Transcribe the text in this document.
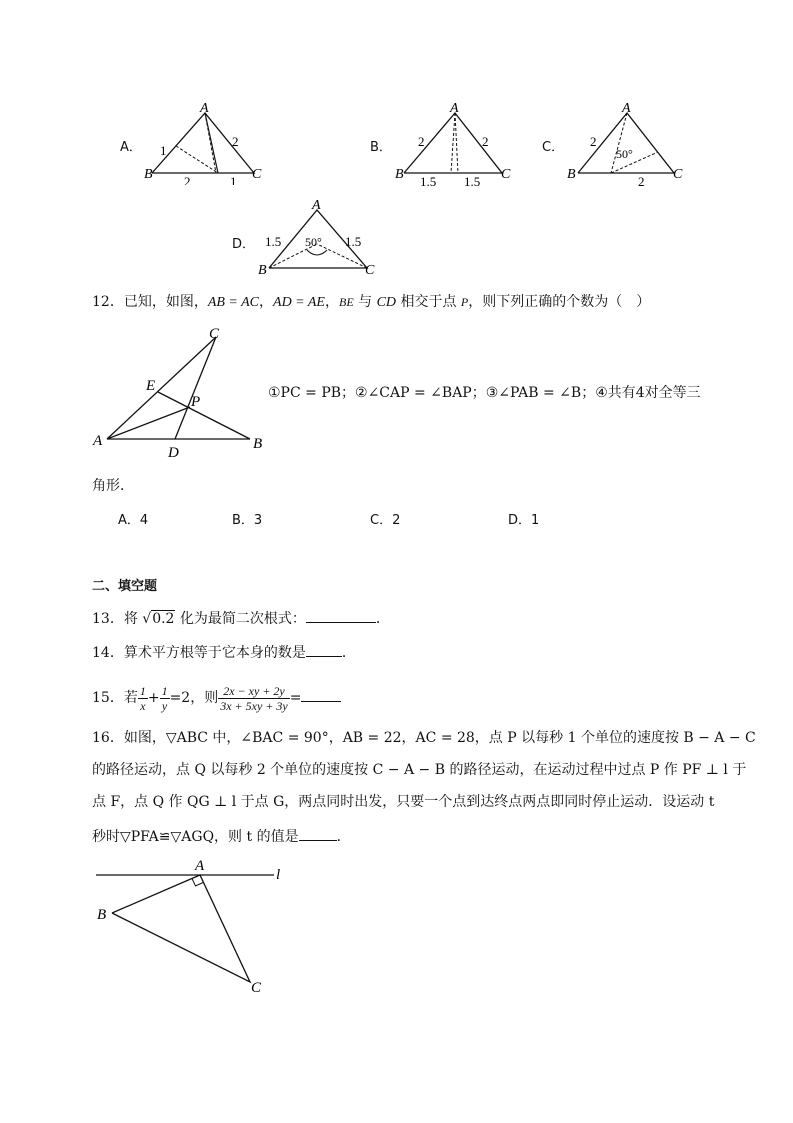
A．
A
B	C
1
2
2	1
B．
A
B	C
2	2
1.5 1.5
C．
A
B	C
2
50°
2
D．
A
B	C
1.5	1.5
50°
12．已知，如图，AB = AC，AD = AE，BE 与 CD 相交于点 P，则下列正确的个数为（　）
A	B
C
D
E
P
①PC = PB；②∠CAP = ∠BAP；③∠PAB = ∠B；④共有4对全等三
角形．
A．4	B．3	C．2	D．1
二、填空题
13．将 √0.2 化为最简二次根式：	．
14．算术平方根等于它本身的数是	．
15．若 $\frac{1}{x} + \frac{1}{y} =2$，则 $\frac{2x - xy + 2y}{3x + 5xy + 3y}$ =
16．如图，▽ABC 中，∠BAC = 90°，AB = 22，AC = 28，点 P 以每秒 1 个单位的速度按 B − A − C
的路径运动，点 Q 以每秒 2 个单位的速度按 C − A − B 的路径运动，在运动过程中过点 P 作 PF ⊥ l 于
点 F，点 Q 作 QG ⊥ l 于点 G，两点同时出发，只要一个点到达终点两点即同时停止运动．设运动 t
秒时▽PFA≌▽AGQ，则 t 的值是	．
A
B
C
l
